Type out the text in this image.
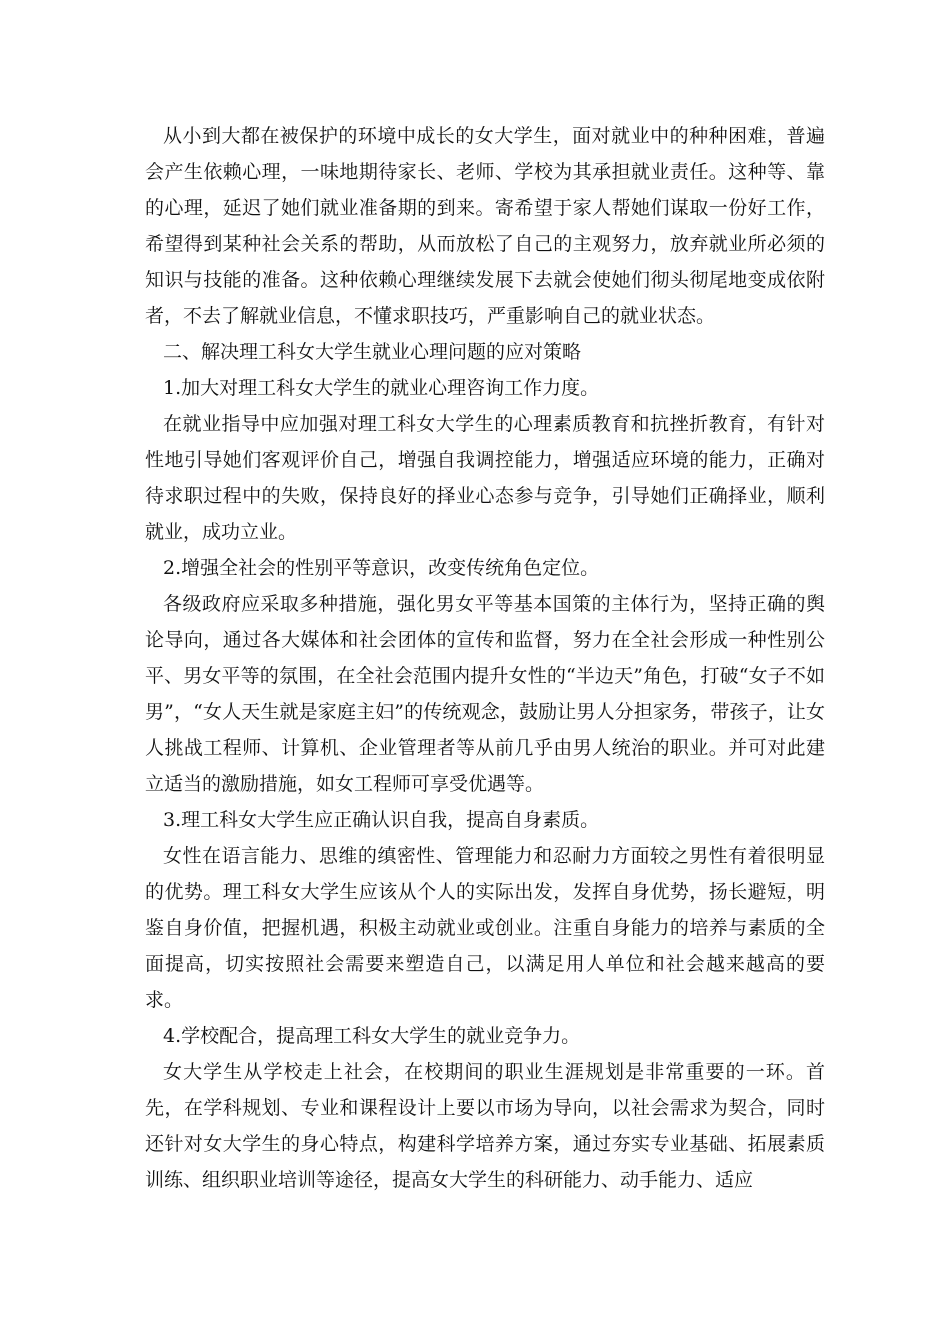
从小到大都在被保护的环境中成长的女大学生，面对就业中的种种困难，普遍会产生依赖心理，一味地期待家长、老师、学校为其承担就业责任。这种等、靠的心理，延迟了她们就业准备期的到来。寄希望于家人帮她们谋取一份好工作，希望得到某种社会关系的帮助，从而放松了自己的主观努力，放弃就业所必须的知识与技能的准备。这种依赖心理继续发展下去就会使她们彻头彻尾地变成依附者，不去了解就业信息，不懂求职技巧，严重影响自己的就业状态。

二、解决理工科女大学生就业心理问题的应对策略

1.加大对理工科女大学生的就业心理咨询工作力度。

在就业指导中应加强对理工科女大学生的心理素质教育和抗挫折教育，有针对性地引导她们客观评价自己，增强自我调控能力，增强适应环境的能力，正确对待求职过程中的失败，保持良好的择业心态参与竞争，引导她们正确择业，顺利就业，成功立业。

2.增强全社会的性别平等意识，改变传统角色定位。

各级政府应采取多种措施，强化男女平等基本国策的主体行为，坚持正确的舆论导向，通过各大媒体和社会团体的宣传和监督，努力在全社会形成一种性别公平、男女平等的氛围，在全社会范围内提升女性的“半边天”角色，打破“女子不如男”，“女人天生就是家庭主妇”的传统观念，鼓励让男人分担家务，带孩子，让女人挑战工程师、计算机、企业管理者等从前几乎由男人统治的职业。并可对此建立适当的激励措施，如女工程师可享受优遇等。

3.理工科女大学生应正确认识自我，提高自身素质。

女性在语言能力、思维的缜密性、管理能力和忍耐力方面较之男性有着很明显的优势。理工科女大学生应该从个人的实际出发，发挥自身优势，扬长避短，明鉴自身价值，把握机遇，积极主动就业或创业。注重自身能力的培养与素质的全面提高，切实按照社会需要来塑造自己，以满足用人单位和社会越来越高的要求。

4.学校配合，提高理工科女大学生的就业竞争力。

女大学生从学校走上社会，在校期间的职业生涯规划是非常重要的一环。首先，在学科规划、专业和课程设计上要以市场为导向，以社会需求为契合，同时还针对女大学生的身心特点，构建科学培养方案，通过夯实专业基础、拓展素质训练、组织职业培训等途径，提高女大学生的科研能力、动手能力、适应
